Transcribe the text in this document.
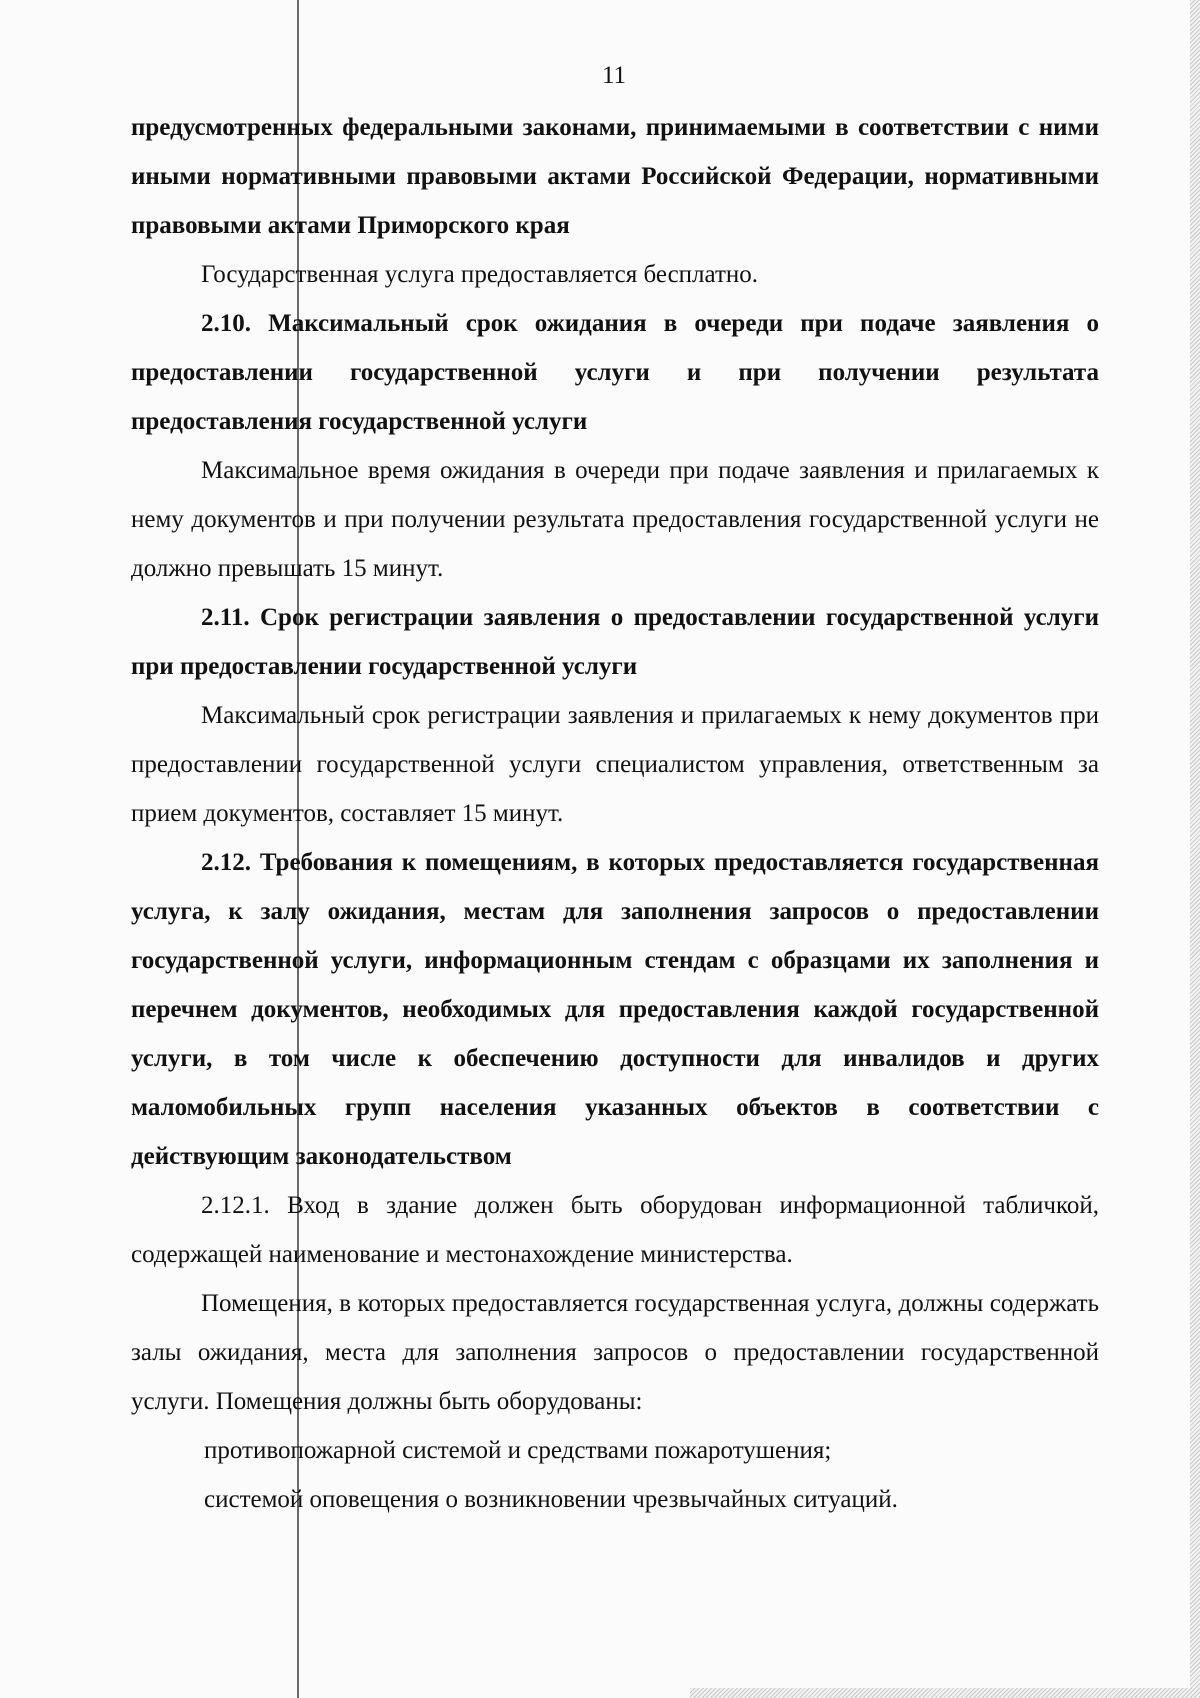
11

предусмотренных федеральными законами, принимаемыми в соответствии с ними иными нормативными правовыми актами Российской Федерации, нормативными правовыми актами Приморского края

Государственная услуга предоставляется бесплатно.

2.10. Максимальный срок ожидания в очереди при подаче заявления о предоставлении государственной услуги и при получении результата предоставления государственной услуги

Максимальное время ожидания в очереди при подаче заявления и прилагаемых к нему документов и при получении результата предоставления государственной услуги не должно превышать 15 минут.

2.11. Срок регистрации заявления о предоставлении государственной услуги при предоставлении государственной услуги

Максимальный срок регистрации заявления и прилагаемых к нему документов при предоставлении государственной услуги специалистом управления, ответственным за прием документов, составляет 15 минут.

2.12. Требования к помещениям, в которых предоставляется государственная услуга, к залу ожидания, местам для заполнения запросов о предоставлении государственной услуги, информационным стендам с образцами их заполнения и перечнем документов, необходимых для предоставления каждой государственной услуги, в том числе к обеспечению доступности для инвалидов и других маломобильных групп населения указанных объектов в соответствии с действующим законодательством

2.12.1. Вход в здание должен быть оборудован информационной табличкой, содержащей наименование и местонахождение министерства.

Помещения, в которых предоставляется государственная услуга, должны содержать залы ожидания, места для заполнения запросов о предоставлении государственной услуги. Помещения должны быть оборудованы:

противопожарной системой и средствами пожаротушения;

системой оповещения о возникновении чрезвычайных ситуаций.
